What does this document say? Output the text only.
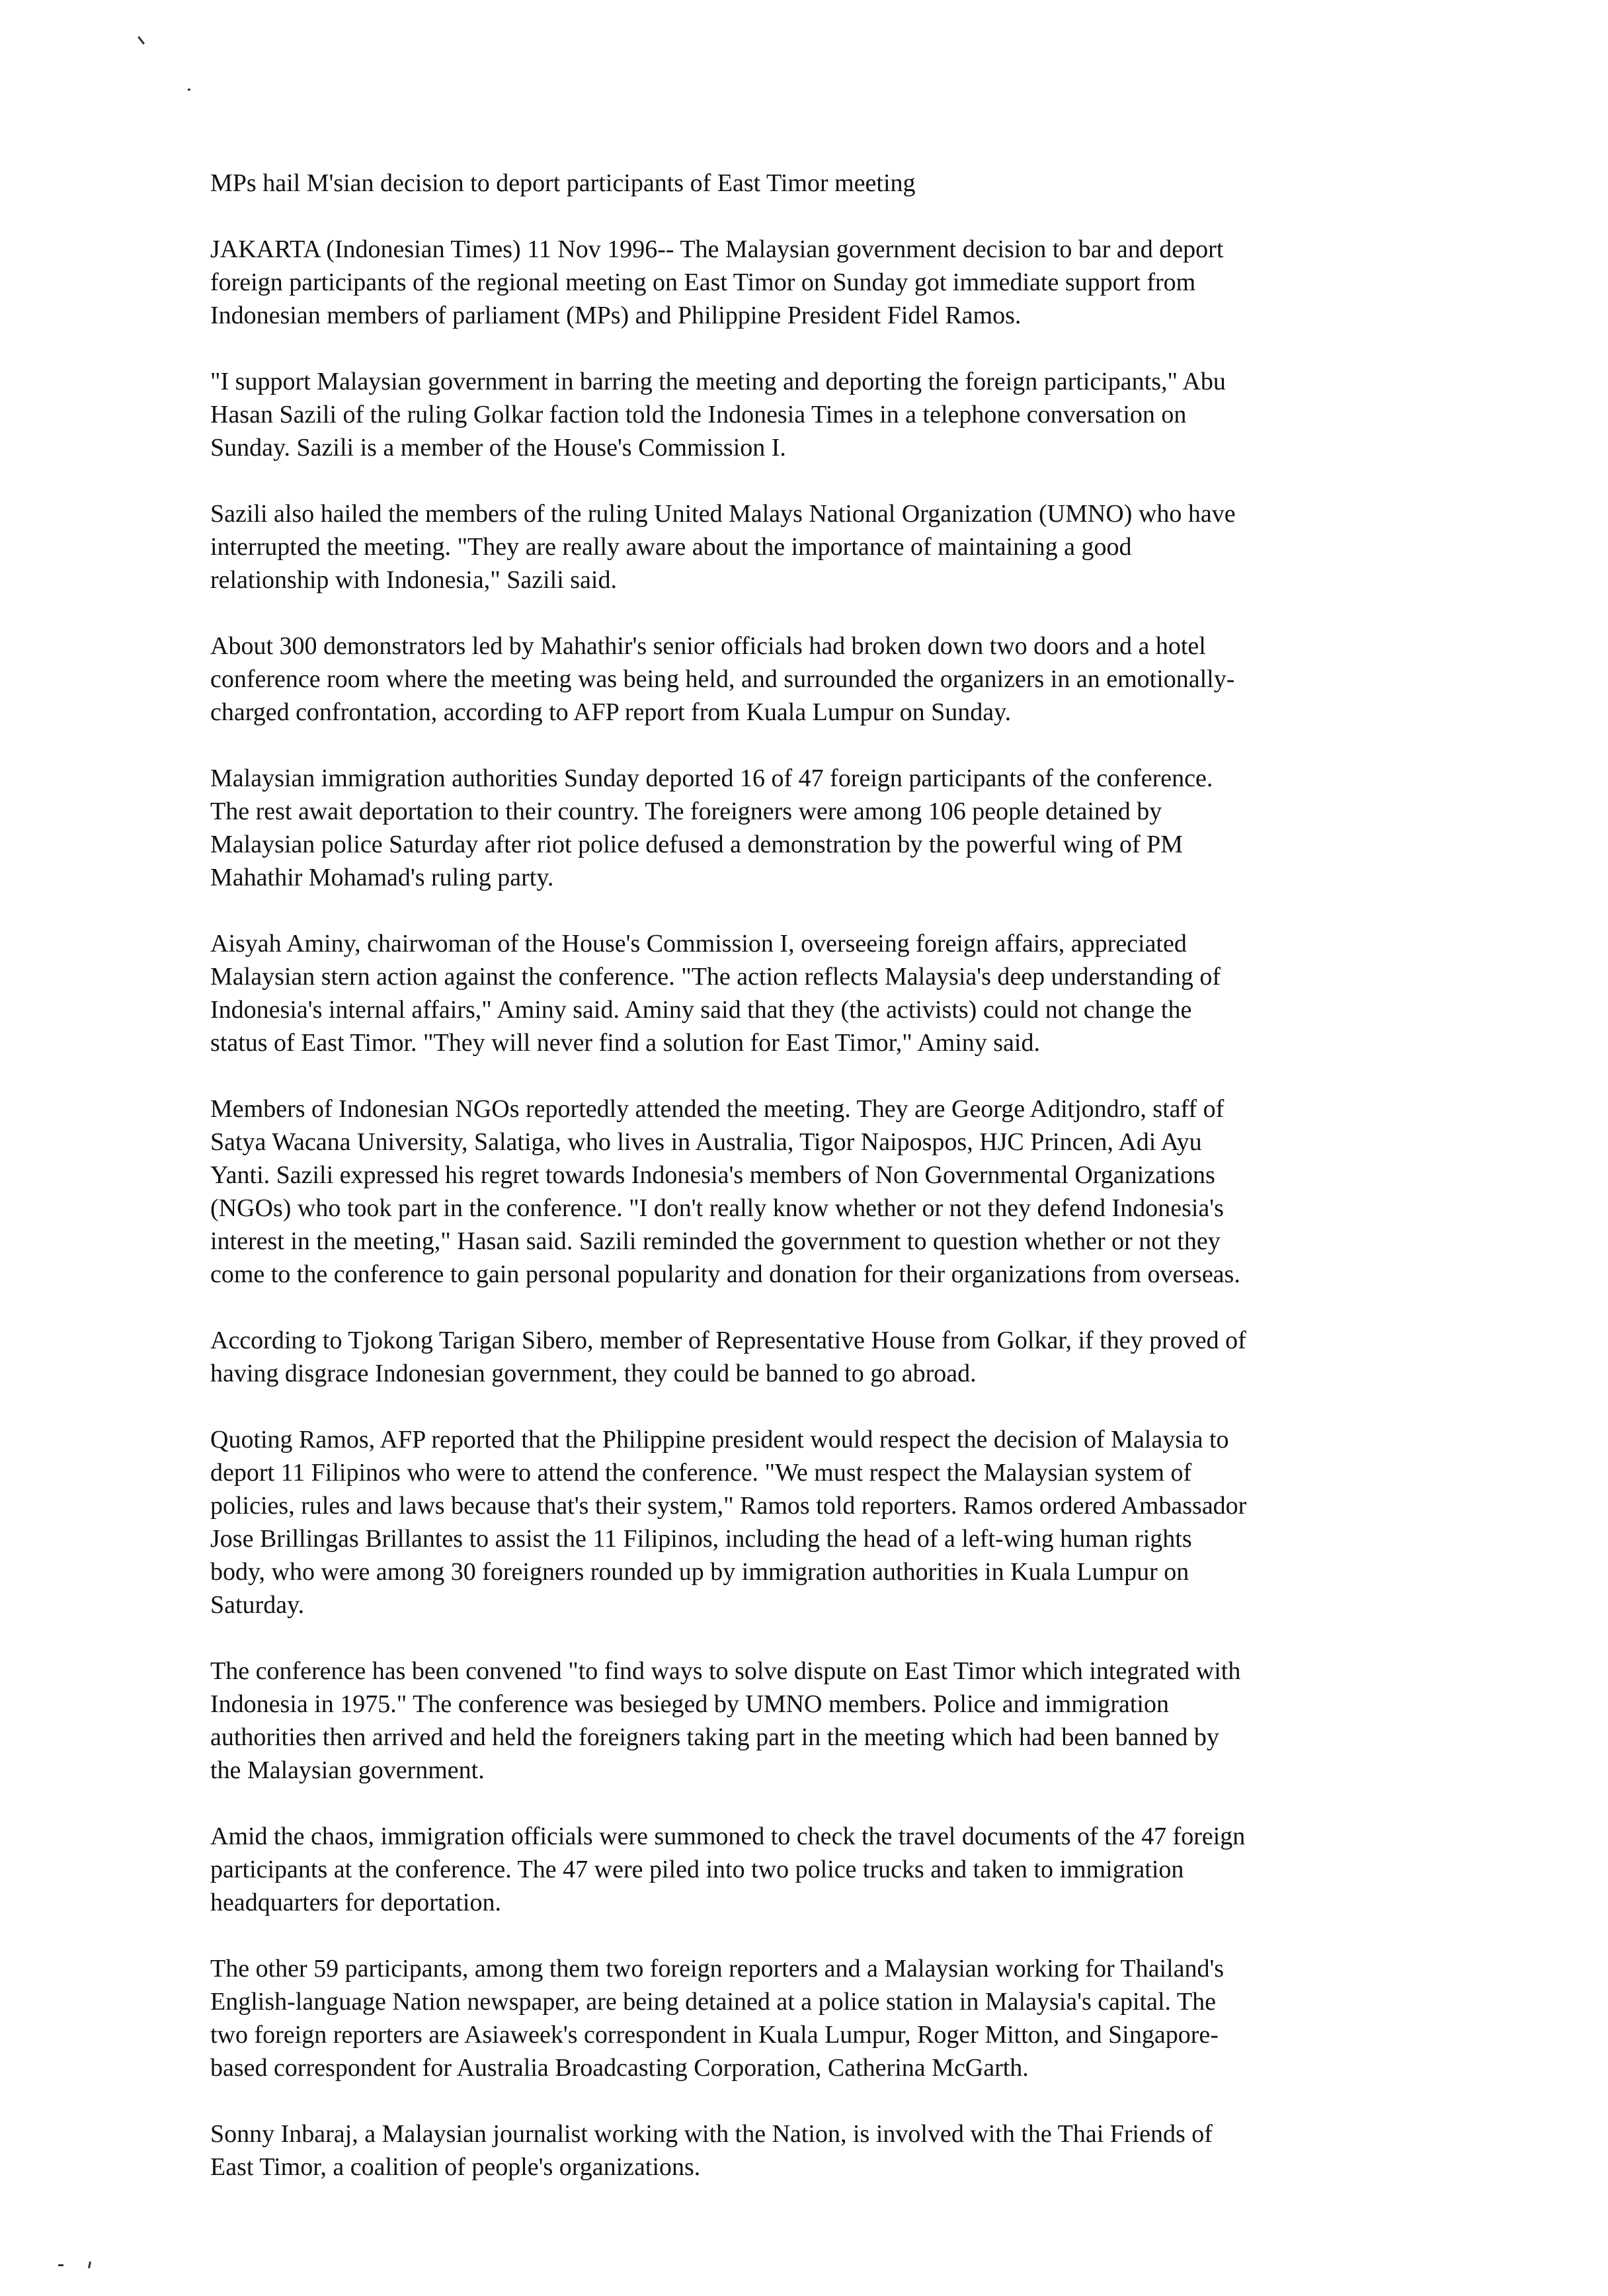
MPs hail M'sian decision to deport participants of East Timor meeting

JAKARTA (Indonesian Times) 11 Nov 1996-- The Malaysian government decision to bar and deport
foreign participants of the regional meeting on East Timor on Sunday got immediate support from
Indonesian members of parliament (MPs) and Philippine President Fidel Ramos.

"I support Malaysian government in barring the meeting and deporting the foreign participants," Abu
Hasan Sazili of the ruling Golkar faction told the Indonesia Times in a telephone conversation on
Sunday. Sazili is a member of the House's Commission I.

Sazili also hailed the members of the ruling United Malays National Organization (UMNO) who have
interrupted the meeting. "They are really aware about the importance of maintaining a good
relationship with Indonesia," Sazili said.

About 300 demonstrators led by Mahathir's senior officials had broken down two doors and a hotel
conference room where the meeting was being held, and surrounded the organizers in an emotionally-
charged confrontation, according to AFP report from Kuala Lumpur on Sunday.

Malaysian immigration authorities Sunday deported 16 of 47 foreign participants of the conference.
The rest await deportation to their country. The foreigners were among 106 people detained by
Malaysian police Saturday after riot police defused a demonstration by the powerful wing of PM
Mahathir Mohamad's ruling party.

Aisyah Aminy, chairwoman of the House's Commission I, overseeing foreign affairs, appreciated
Malaysian stern action against the conference. "The action reflects Malaysia's deep understanding of
Indonesia's internal affairs," Aminy said. Aminy said that they (the activists) could not change the
status of East Timor. "They will never find a solution for East Timor," Aminy said.

Members of Indonesian NGOs reportedly attended the meeting. They are George Aditjondro, staff of
Satya Wacana University, Salatiga, who lives in Australia, Tigor Naipospos, HJC Princen, Adi Ayu
Yanti. Sazili expressed his regret towards Indonesia's members of Non Governmental Organizations
(NGOs) who took part in the conference. "I don't really know whether or not they defend Indonesia's
interest in the meeting," Hasan said. Sazili reminded the government to question whether or not they
come to the conference to gain personal popularity and donation for their organizations from overseas.

According to Tjokong Tarigan Sibero, member of Representative House from Golkar, if they proved of
having disgrace Indonesian government, they could be banned to go abroad.

Quoting Ramos, AFP reported that the Philippine president would respect the decision of Malaysia to
deport 11 Filipinos who were to attend the conference. "We must respect the Malaysian system of
policies, rules and laws because that's their system," Ramos told reporters. Ramos ordered Ambassador
Jose Brillingas Brillantes to assist the 11 Filipinos, including the head of a left-wing human rights
body, who were among 30 foreigners rounded up by immigration authorities in Kuala Lumpur on
Saturday.

The conference has been convened "to find ways to solve dispute on East Timor which integrated with
Indonesia in 1975." The conference was besieged by UMNO members. Police and immigration
authorities then arrived and held the foreigners taking part in the meeting which had been banned by
the Malaysian government.

Amid the chaos, immigration officials were summoned to check the travel documents of the 47 foreign
participants at the conference. The 47 were piled into two police trucks and taken to immigration
headquarters for deportation.

The other 59 participants, among them two foreign reporters and a Malaysian working for Thailand's
English-language Nation newspaper, are being detained at a police station in Malaysia's capital. The
two foreign reporters are Asiaweek's correspondent in Kuala Lumpur, Roger Mitton, and Singapore-
based correspondent for Australia Broadcasting Corporation, Catherina McGarth.

Sonny Inbaraj, a Malaysian journalist working with the Nation, is involved with the Thai Friends of
East Timor, a coalition of people's organizations.
